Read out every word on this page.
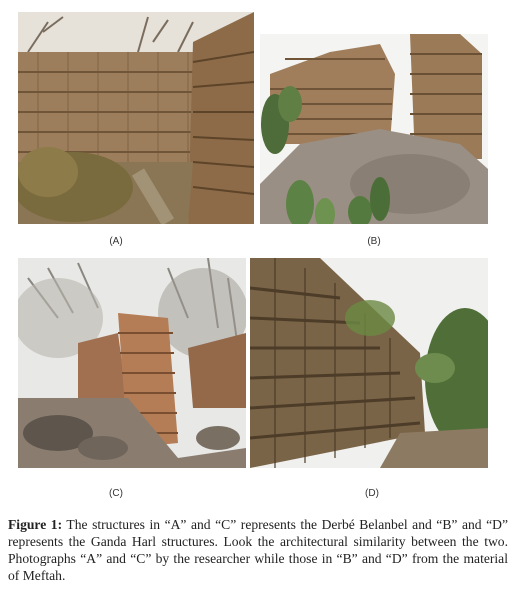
(A)	(B)
(C)	(D)
Figure 1: The structures in “A” and “C” represents the Derbé Belanbel and “B” and “D” represents the Ganda Harl structures. Look the architectural similarity between the two. Photographs “A” and “C” by the researcher while those in “B” and “D” from the material of Meftah.
